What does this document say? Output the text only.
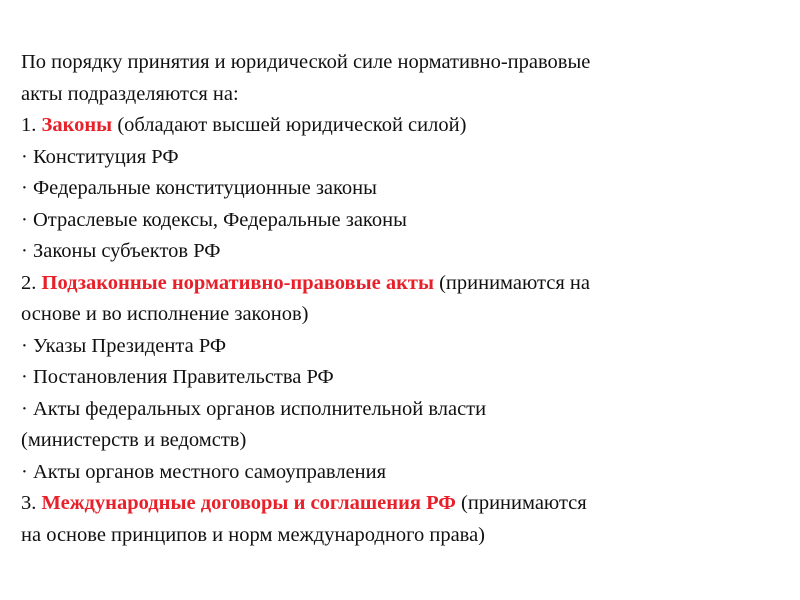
По порядку принятия и юридической силе нормативно-правовые
акты подразделяются на:
1. Законы (обладают высшей юридической силой)
· Конституция РФ
· Федеральные конституционные законы
· Отраслевые кодексы, Федеральные законы
· Законы субъектов РФ
2. Подзаконные нормативно-правовые акты (принимаются на
основе и во исполнение законов)
· Указы Президента РФ
· Постановления Правительства РФ
· Акты федеральных органов исполнительной власти
(министерств и ведомств)
· Акты органов местного самоуправления
3. Международные договоры и соглашения РФ (принимаются
на основе принципов и норм международного права)
